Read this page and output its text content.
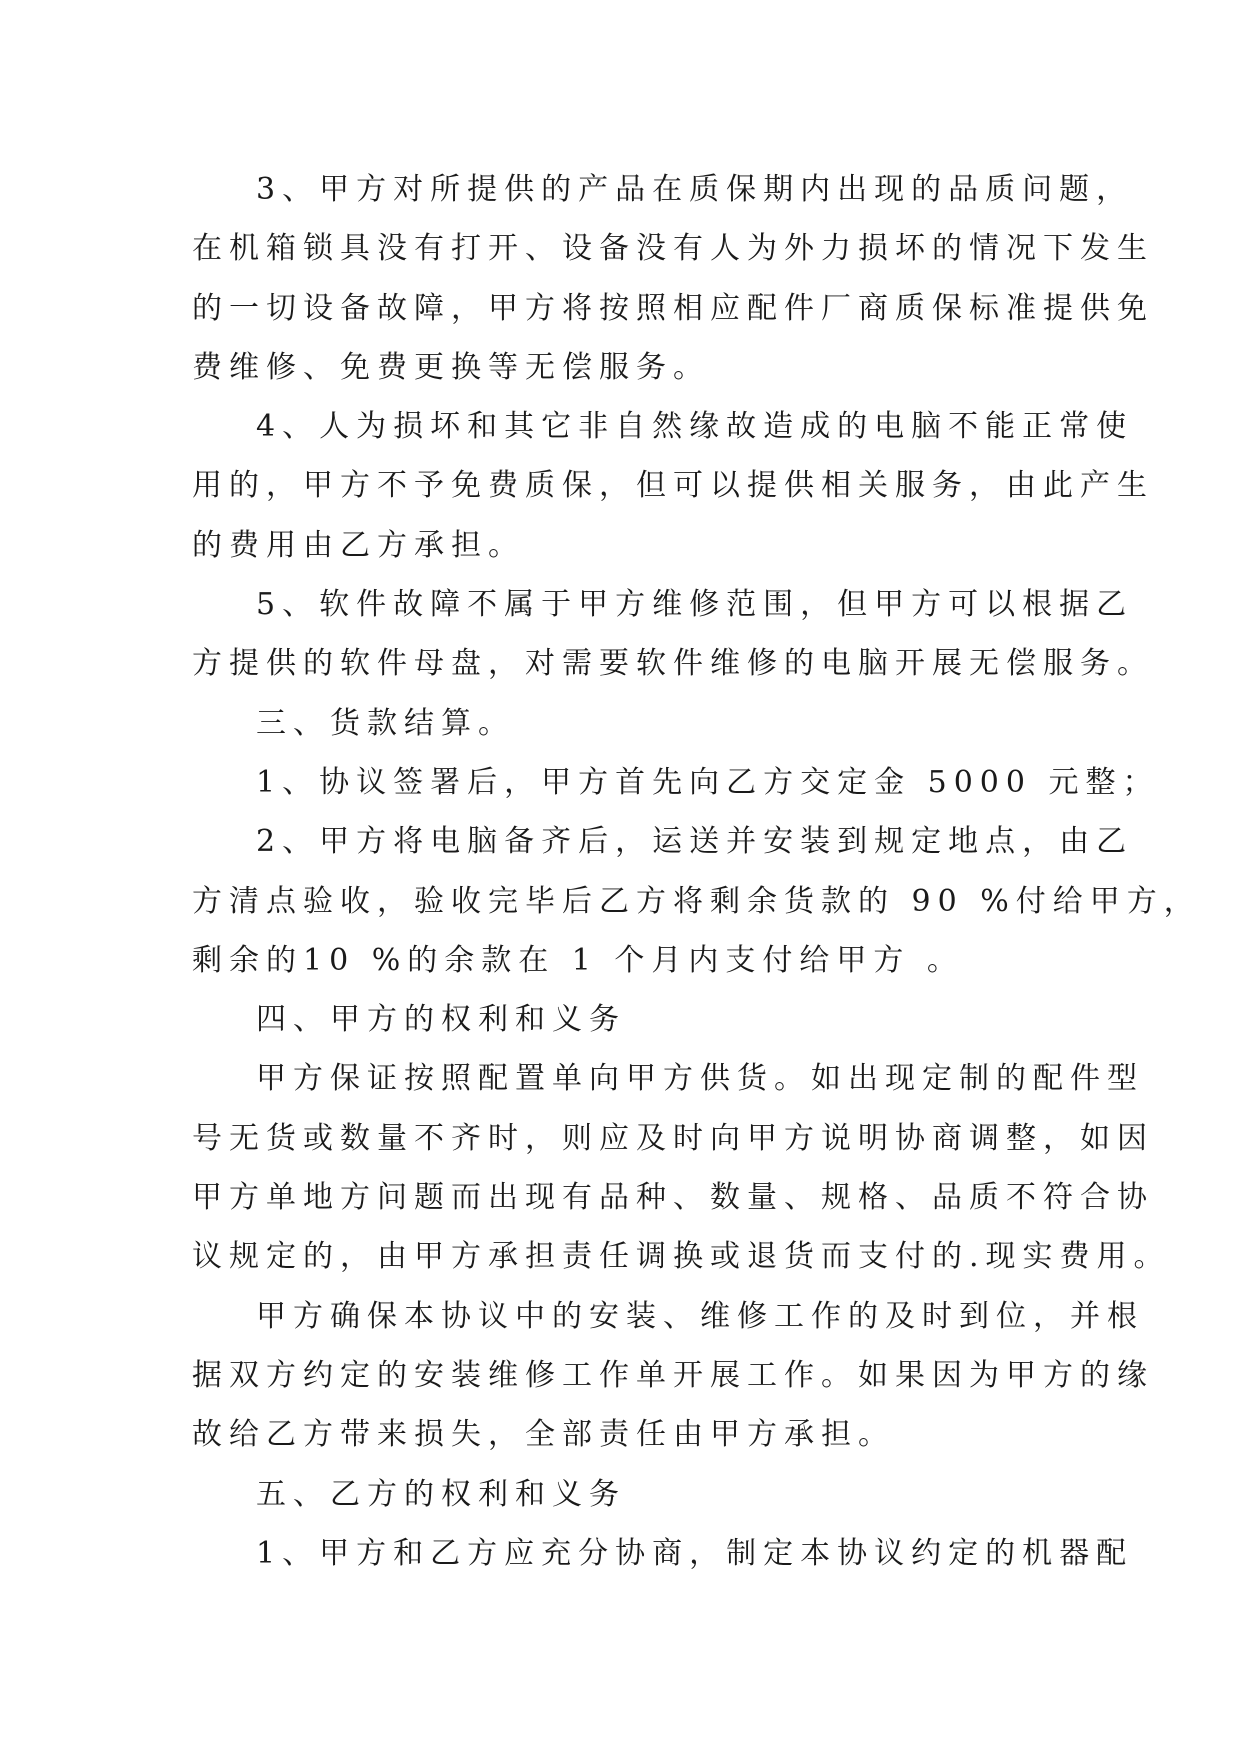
3、甲方对所提供的产品在质保期内出现的品质问题，
在机箱锁具没有打开、设备没有人为外力损坏的情况下发生
的一切设备故障，甲方将按照相应配件厂商质保标准提供免
费维修、免费更换等无偿服务。
4、人为损坏和其它非自然缘故造成的电脑不能正常使
用的，甲方不予免费质保，但可以提供相关服务，由此产生
的费用由乙方承担。
5、软件故障不属于甲方维修范围，但甲方可以根据乙
方提供的软件母盘，对需要软件维修的电脑开展无偿服务。
三、货款结算。
1、协议签署后，甲方首先向乙方交定金 5000 元整；
2、甲方将电脑备齐后，运送并安装到规定地点，由乙
方清点验收，验收完毕后乙方将剩余货款的 90 %付给甲方，
剩余的10 %的余款在 1 个月内支付给甲方 。
四、甲方的权利和义务
甲方保证按照配置单向甲方供货。如出现定制的配件型
号无货或数量不齐时，则应及时向甲方说明协商调整，如因
甲方单地方问题而出现有品种、数量、规格、品质不符合协
议规定的，由甲方承担责任调换或退货而支付的.现实费用。
甲方确保本协议中的安装、维修工作的及时到位，并根
据双方约定的安装维修工作单开展工作。如果因为甲方的缘
故给乙方带来损失，全部责任由甲方承担。
五、乙方的权利和义务
1、甲方和乙方应充分协商，制定本协议约定的机器配
